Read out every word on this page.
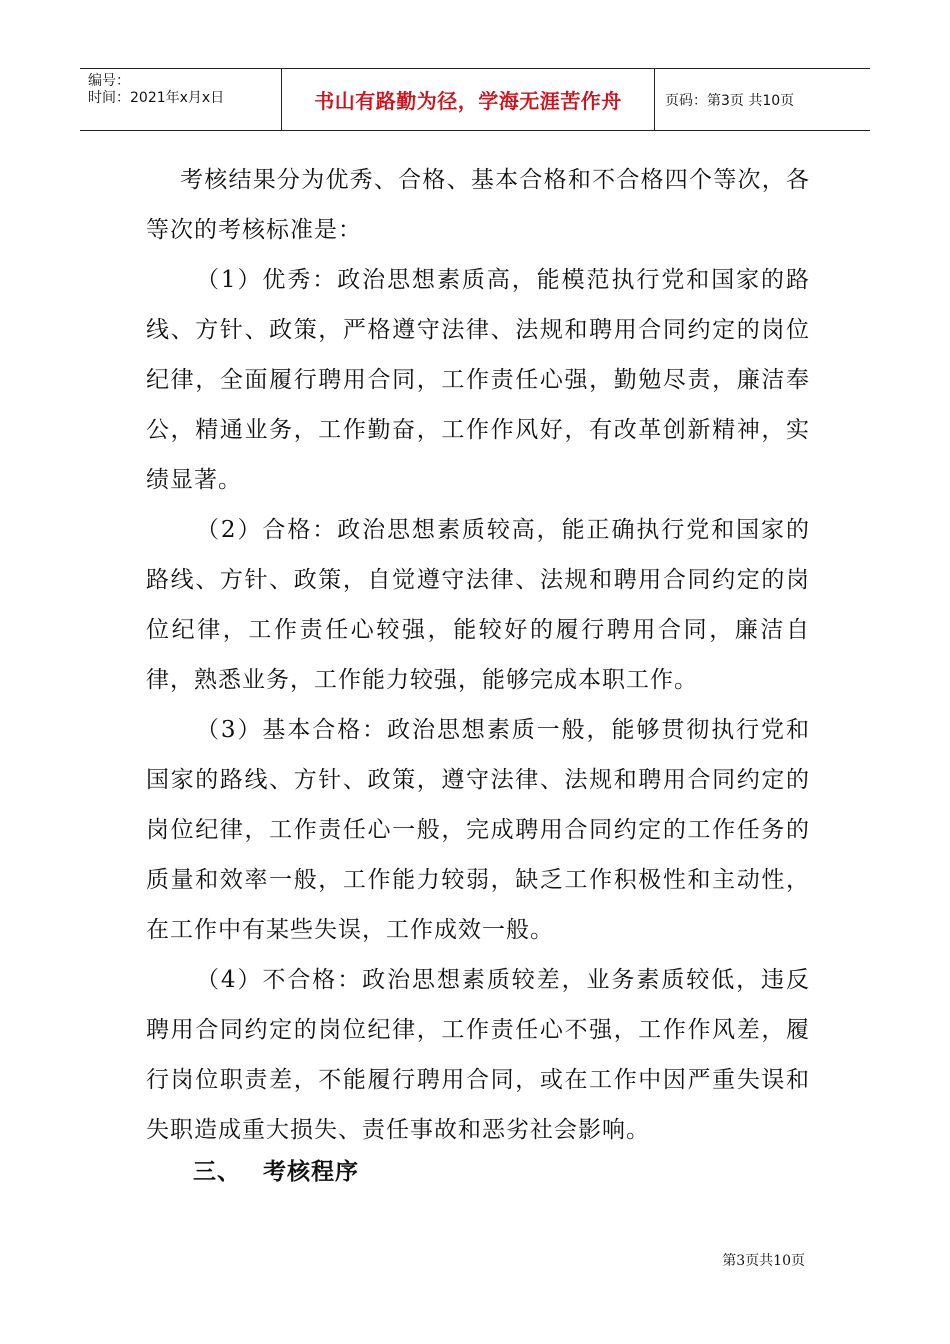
编号：
时间：2021年x月x日	书山有路勤为径，学海无涯苦作舟	页码：第3页 共10页

考核结果分为优秀、合格、基本合格和不合格四个等次，各等次的考核标准是：

（1）优秀：政治思想素质高，能模范执行党和国家的路线、方针、政策，严格遵守法律、法规和聘用合同约定的岗位纪律，全面履行聘用合同，工作责任心强，勤勉尽责，廉洁奉公，精通业务，工作勤奋，工作作风好，有改革创新精神，实绩显著。

（2）合格：政治思想素质较高，能正确执行党和国家的路线、方针、政策，自觉遵守法律、法规和聘用合同约定的岗位纪律，工作责任心较强，能较好的履行聘用合同，廉洁自律，熟悉业务，工作能力较强，能够完成本职工作。

（3）基本合格：政治思想素质一般，能够贯彻执行党和国家的路线、方针、政策，遵守法律、法规和聘用合同约定的岗位纪律，工作责任心一般，完成聘用合同约定的工作任务的质量和效率一般，工作能力较弱，缺乏工作积极性和主动性，在工作中有某些失误，工作成效一般。

（4）不合格：政治思想素质较差，业务素质较低，违反聘用合同约定的岗位纪律，工作责任心不强，工作作风差，履行岗位职责差，不能履行聘用合同，或在工作中因严重失误和失职造成重大损失、责任事故和恶劣社会影响。

三、 考核程序
第3页共10页
